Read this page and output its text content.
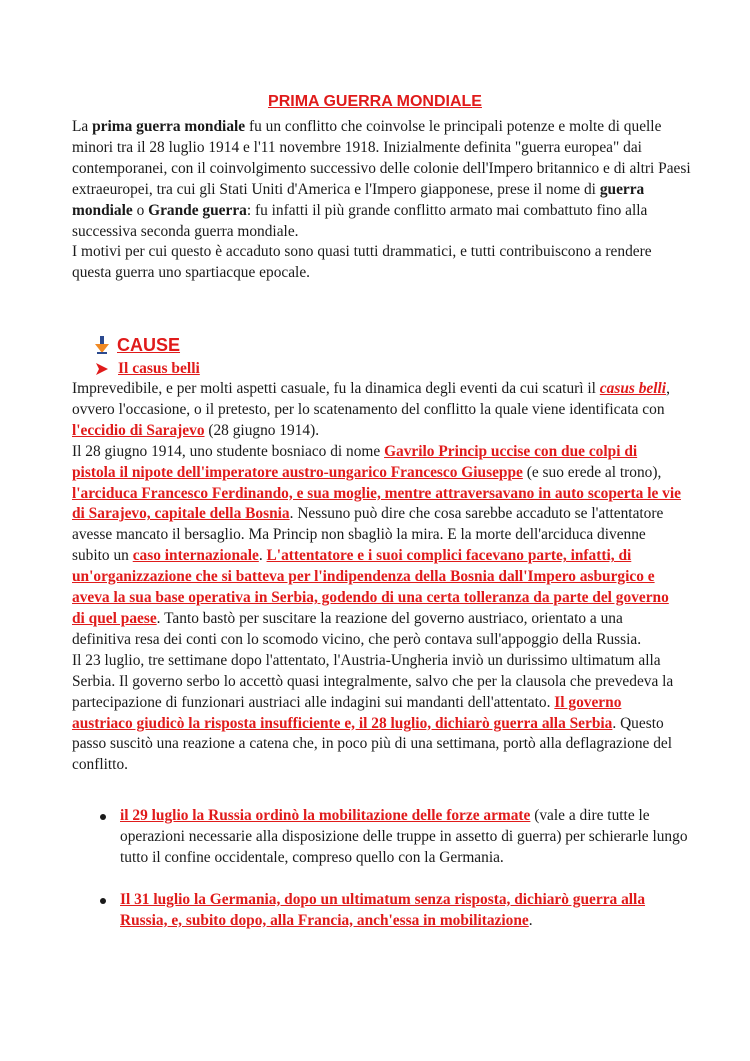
PRIMA GUERRA MONDIALE

La prima guerra mondiale fu un conflitto che coinvolse le principali potenze e molte di quelle minori tra il 28 luglio 1914 e l'11 novembre 1918. Inizialmente definita "guerra europea" dai contemporanei, con il coinvolgimento successivo delle colonie dell'Impero britannico e di altri Paesi extraeuropei, tra cui gli Stati Uniti d'America e l'Impero giapponese, prese il nome di guerra mondiale o Grande guerra: fu infatti il più grande conflitto armato mai combattuto fino alla successiva seconda guerra mondiale.

I motivi per cui questo è accaduto sono quasi tutti drammatici, e tutti contribuiscono a rendere questa guerra uno spartiacque epocale.

CAUSE
Il casus belli

Imprevedibile, e per molti aspetti casuale, fu la dinamica degli eventi da cui scaturì il casus belli, ovvero l'occasione, o il pretesto, per lo scatenamento del conflitto la quale viene identificata con l'eccidio di Sarajevo (28 giugno 1914).

Il 28 giugno 1914, uno studente bosniaco di nome Gavrilo Princip uccise con due colpi di pistola il nipote dell'imperatore austro-ungarico Francesco Giuseppe (e suo erede al trono), l'arciduca Francesco Ferdinando, e sua moglie, mentre attraversavano in auto scoperta le vie di Sarajevo, capitale della Bosnia. Nessuno può dire che cosa sarebbe accaduto se l'attentatore avesse mancato il bersaglio. Ma Princip non sbagliò la mira. E la morte dell'arciduca divenne subito un caso internazionale. L'attentatore e i suoi complici facevano parte, infatti, di un'organizzazione che si batteva per l'indipendenza della Bosnia dall'Impero asburgico e aveva la sua base operativa in Serbia, godendo di una certa tolleranza da parte del governo di quel paese. Tanto bastò per suscitare la reazione del governo austriaco, orientato a una definitiva resa dei conti con lo scomodo vicino, che però contava sull'appoggio della Russia.

Il 23 luglio, tre settimane dopo l'attentato, l'Austria-Ungheria inviò un durissimo ultimatum alla Serbia. Il governo serbo lo accettò quasi integralmente, salvo che per la clausola che prevedeva la partecipazione di funzionari austriaci alle indagini sui mandanti dell'attentato. Il governo austriaco giudicò la risposta insufficiente e, il 28 luglio, dichiarò guerra alla Serbia. Questo passo suscitò una reazione a catena che, in poco più di una settimana, portò alla deflagrazione del conflitto.

il 29 luglio la Russia ordinò la mobilitazione delle forze armate (vale a dire tutte le operazioni necessarie alla disposizione delle truppe in assetto di guerra) per schierarle lungo tutto il confine occidentale, compreso quello con la Germania.
Il 31 luglio la Germania, dopo un ultimatum senza risposta, dichiarò guerra alla Russia, e, subito dopo, alla Francia, anch'essa in mobilitazione.
